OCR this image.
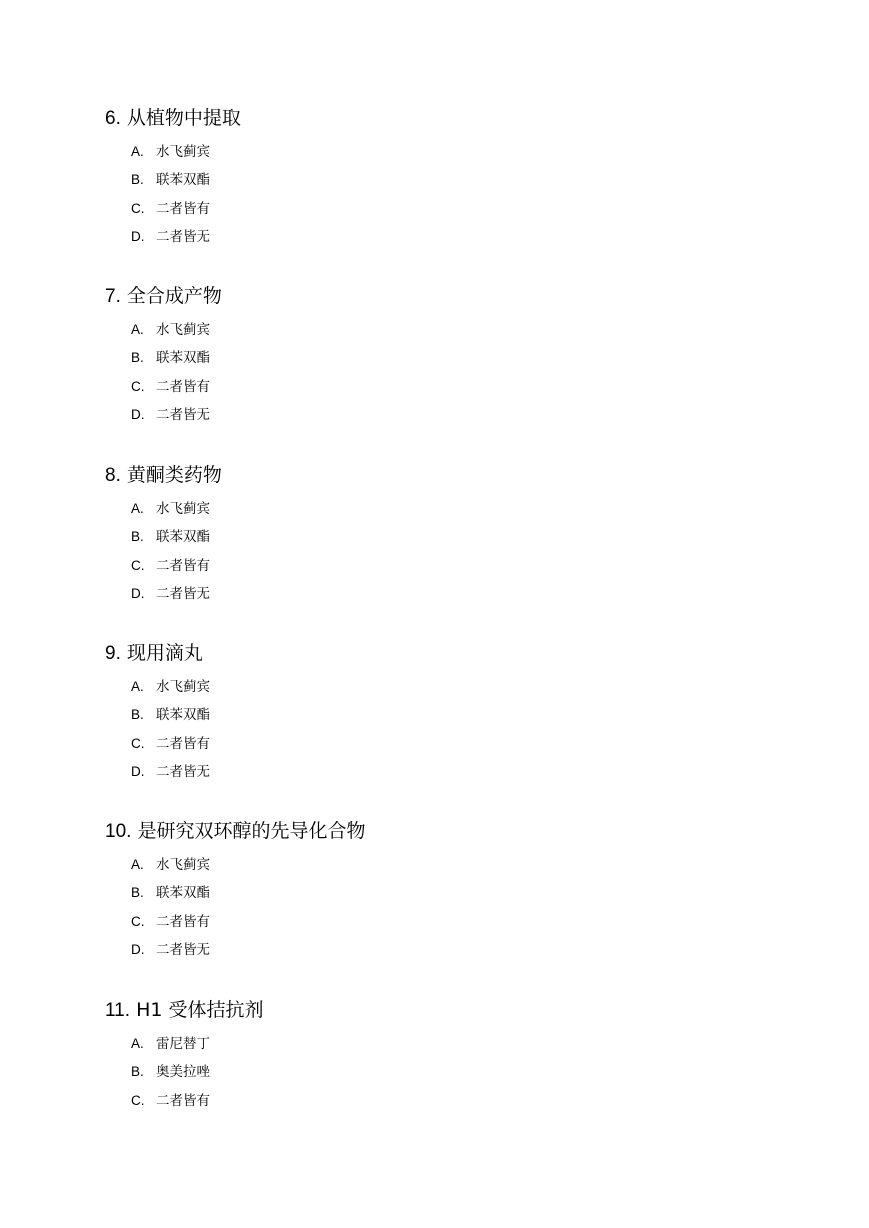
6. 从植物中提取
A. 水飞蓟宾
B. 联苯双酯
C. 二者皆有
D. 二者皆无
7. 全合成产物
A. 水飞蓟宾
B. 联苯双酯
C. 二者皆有
D. 二者皆无
8. 黄酮类药物
A. 水飞蓟宾
B. 联苯双酯
C. 二者皆有
D. 二者皆无
9. 现用滴丸
A. 水飞蓟宾
B. 联苯双酯
C. 二者皆有
D. 二者皆无
10. 是研究双环醇的先导化合物
A. 水飞蓟宾
B. 联苯双酯
C. 二者皆有
D. 二者皆无
11. H1 受体拮抗剂
A. 雷尼替丁
B. 奥美拉唑
C. 二者皆有
